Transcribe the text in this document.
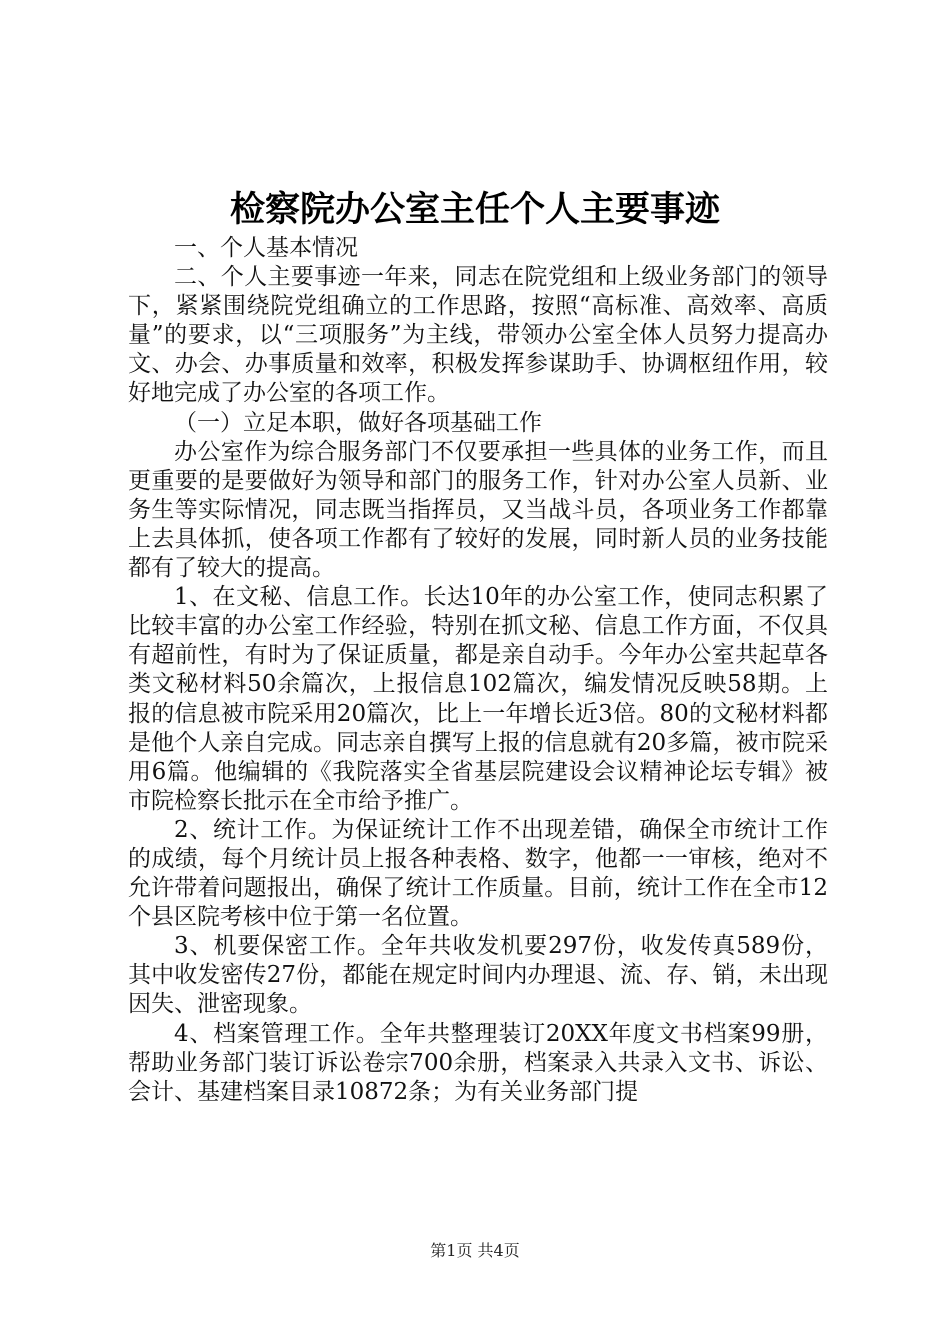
检察院办公室主任个人主要事迹

一、个人基本情况

二、个人主要事迹一年来，同志在院党组和上级业务部门的领导下，紧紧围绕院党组确立的工作思路，按照“高标准、高效率、高质量”的要求，以“三项服务”为主线，带领办公室全体人员努力提高办文、办会、办事质量和效率，积极发挥参谋助手、协调枢纽作用，较好地完成了办公室的各项工作。

（一）立足本职，做好各项基础工作

办公室作为综合服务部门不仅要承担一些具体的业务工作，而且更重要的是要做好为领导和部门的服务工作，针对办公室人员新、业务生等实际情况，同志既当指挥员，又当战斗员，各项业务工作都靠上去具体抓，使各项工作都有了较好的发展，同时新人员的业务技能都有了较大的提高。

1、在文秘、信息工作。长达10年的办公室工作，使同志积累了比较丰富的办公室工作经验，特别在抓文秘、信息工作方面，不仅具有超前性，有时为了保证质量，都是亲自动手。今年办公室共起草各类文秘材料50余篇次，上报信息102篇次，编发情况反映58期。上报的信息被市院采用20篇次，比上一年增长近3倍。80的文秘材料都是他个人亲自完成。同志亲自撰写上报的信息就有20多篇，被市院采用6篇。他编辑的《我院落实全省基层院建设会议精神论坛专辑》被市院检察长批示在全市给予推广。

2、统计工作。为保证统计工作不出现差错，确保全市统计工作的成绩，每个月统计员上报各种表格、数字，他都一一审核，绝对不允许带着问题报出，确保了统计工作质量。目前，统计工作在全市12个县区院考核中位于第一名位置。

3、机要保密工作。全年共收发机要297份，收发传真589份，其中收发密传27份，都能在规定时间内办理退、流、存、销，未出现因失、泄密现象。

4、档案管理工作。全年共整理装订20XX年度文书档案99册，帮助业务部门装订诉讼卷宗700余册，档案录入共录入文书、诉讼、会计、基建档案目录10872条；为有关业务部门提

第1页 共4页
